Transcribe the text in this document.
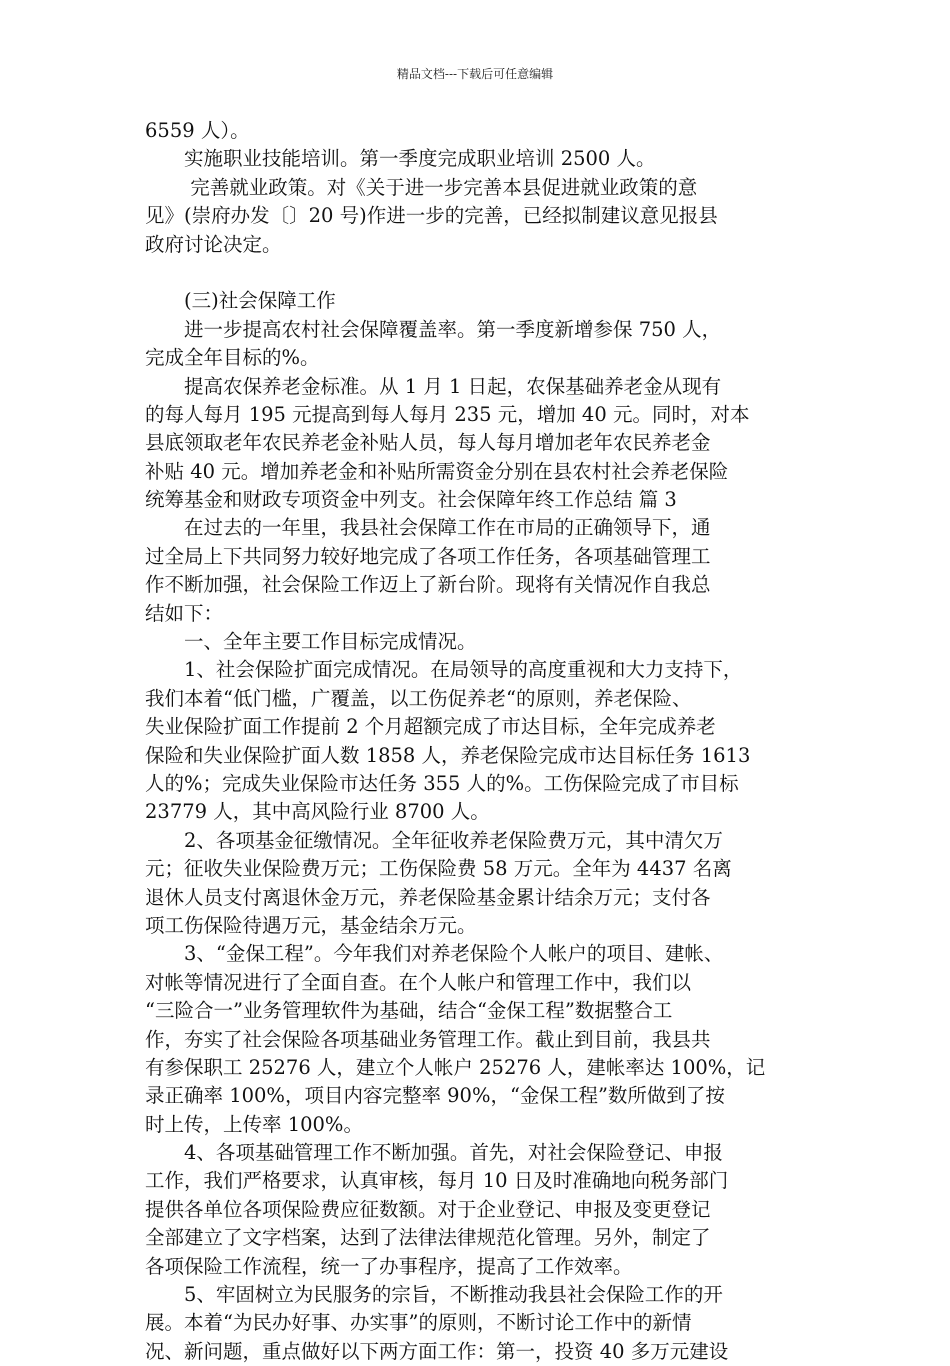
精品文档---下载后可任意编辑
6559 人）。
　　实施职业技能培训。第一季度完成职业培训 2500 人。
　　 完善就业政策。对《关于进一步完善本县促进就业政策的意
见》(崇府办发〔〕20 号)作进一步的完善，已经拟制建议意见报县
政府讨论决定。
　　(三)社会保障工作
　　进一步提高农村社会保障覆盖率。第一季度新增参保 750 人，
完成全年目标的%。
　　提高农保养老金标准。从 1 月 1 日起，农保基础养老金从现有
的每人每月 195 元提高到每人每月 235 元，增加 40 元。同时，对本
县底领取老年农民养老金补贴人员，每人每月增加老年农民养老金
补贴 40 元。增加养老金和补贴所需资金分别在县农村社会养老保险
统筹基金和财政专项资金中列支。社会保障年终工作总结 篇 3
　　在过去的一年里，我县社会保障工作在市局的正确领导下，通
过全局上下共同努力较好地完成了各项工作任务，各项基础管理工
作不断加强，社会保险工作迈上了新台阶。现将有关情况作自我总
结如下：
　　一、全年主要工作目标完成情况。
　　1、社会保险扩面完成情况。在局领导的高度重视和大力支持下，
我们本着“低门槛，广覆盖，以工伤促养老“的原则，养老保险、
失业保险扩面工作提前 2 个月超额完成了市达目标，全年完成养老
保险和失业保险扩面人数 1858 人，养老保险完成市达目标任务 1613
人的%；完成失业保险市达任务 355 人的%。工伤保险完成了市目标
23779 人，其中高风险行业 8700 人。
　　2、各项基金征缴情况。全年征收养老保险费万元，其中清欠万
元；征收失业保险费万元；工伤保险费 58 万元。全年为 4437 名离
退休人员支付离退休金万元，养老保险基金累计结余万元；支付各
项工伤保险待遇万元，基金结余万元。
　　3、“金保工程”。今年我们对养老保险个人帐户的项目、建帐、
对帐等情况进行了全面自查。在个人帐户和管理工作中，我们以
“三险合一”业务管理软件为基础，结合“金保工程”数据整合工
作，夯实了社会保险各项基础业务管理工作。截止到目前，我县共
有参保职工 25276 人，建立个人帐户 25276 人，建帐率达 100%，记
录正确率 100%，项目内容完整率 90%，“金保工程”数所做到了按
时上传，上传率 100%。
　　4、各项基础管理工作不断加强。首先，对社会保险登记、申报
工作，我们严格要求，认真审核，每月 10 日及时准确地向税务部门
提供各单位各项保险费应征数额。对于企业登记、申报及变更登记
全部建立了文字档案，达到了法律法律规范化管理。另外，制定了
各项保险工作流程，统一了办事程序，提高了工作效率。
　　5、牢固树立为民服务的宗旨，不断推动我县社会保险工作的开
展。本着“为民办好事、办实事”的原则，不断讨论工作中的新情
况、新问题，重点做好以下两方面工作：第一，投资 40 多万元建设
